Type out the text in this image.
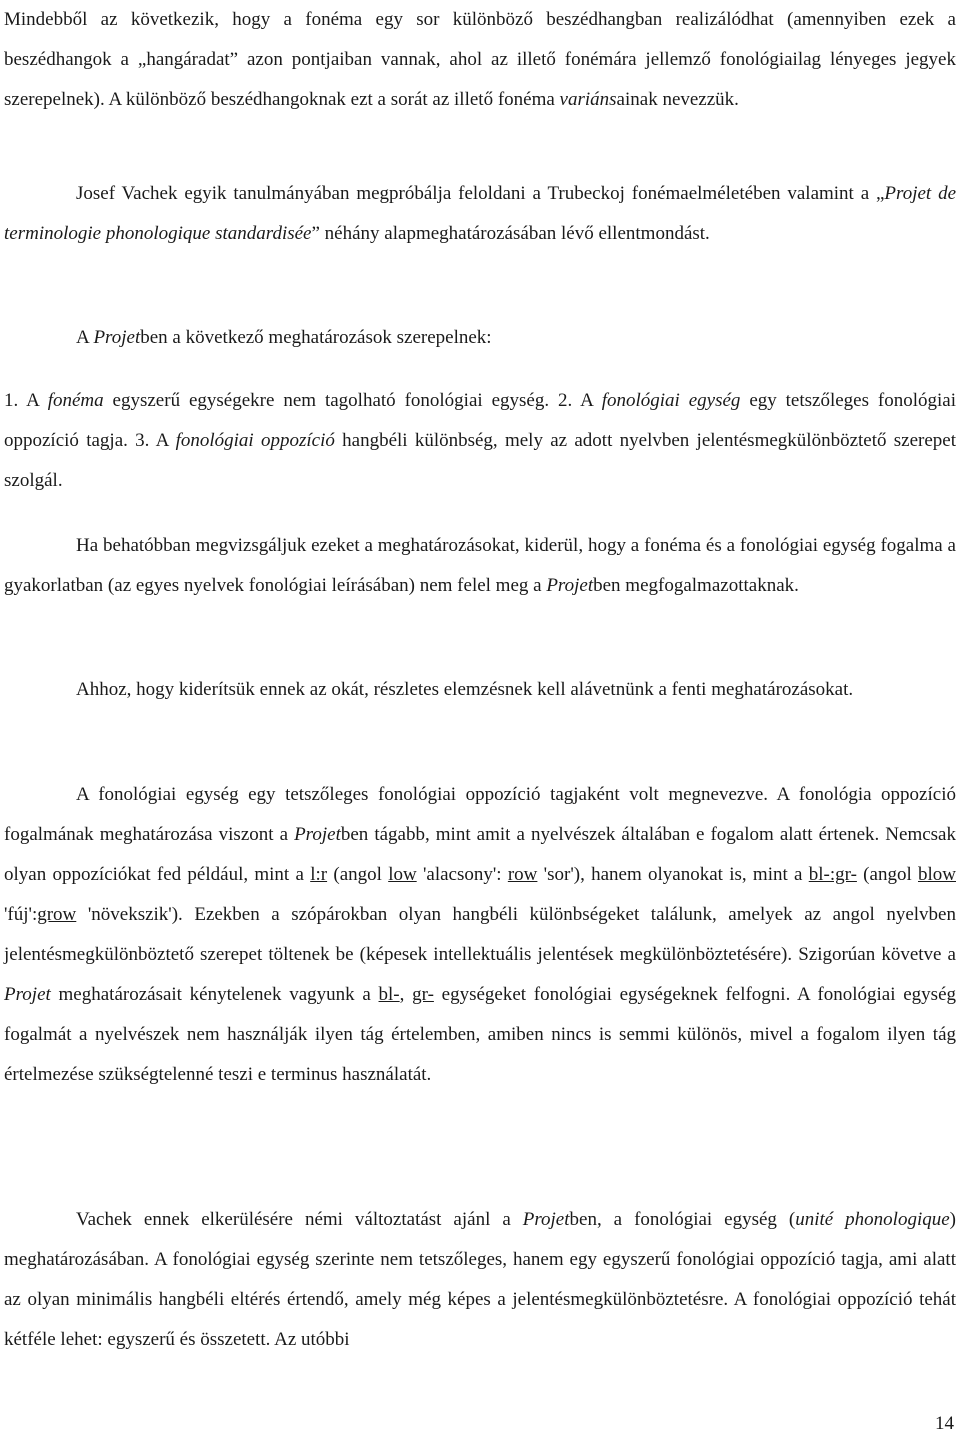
Mindebből az következik, hogy a fonéma egy sor különböző beszédhangban realizálódhat (amennyiben ezek a beszédhangok a „hangáradat” azon pontjaiban vannak, ahol az illető fonémára jellemző fonológiailag lényeges jegyek szerepelnek). A különböző beszédhangoknak ezt a sorát az illető fonéma variánsainak nevezzük.

Josef Vachek egyik tanulmányában megpróbálja feloldani a Trubeckoj fonémaelméletében valamint a „Projet de terminologie phonologique standardisée” néhány alapmeghatározásában lévő ellentmondást.

A Projetben a következő meghatározások szerepelnek:

1. A fonéma egyszerű egységekre nem tagolható fonológiai egység. 2. A fonológiai egység egy tetszőleges fonológiai oppozíció tagja. 3. A fonológiai oppozíció hangbéli különbség, mely az adott nyelvben jelentésmegkülönböztető szerepet szolgál.

Ha behatóbban megvizsgáljuk ezeket a meghatározásokat, kiderül, hogy a fonéma és a fonológiai egység fogalma a gyakorlatban (az egyes nyelvek fonológiai leírásában) nem felel meg a Projetben megfogalmazottaknak.

Ahhoz, hogy kiderítsük ennek az okát, részletes elemzésnek kell alávetnünk a fenti meghatározásokat.

A fonológiai egység egy tetszőleges fonológiai oppozíció tagjaként volt megnevezve. A fonológia oppozíció fogalmának meghatározása viszont a Projetben tágabb, mint amit a nyelvészek általában e fogalom alatt értenek. Nemcsak olyan oppozíciókat fed például, mint a l:r (angol low 'alacsony': row 'sor'), hanem olyanokat is, mint a bl-:gr- (angol blow 'fúj':grow 'növekszik'). Ezekben a szópárokban olyan hangbéli különbségeket találunk, amelyek az angol nyelvben jelentésmegkülönböztető szerepet töltenek be (képesek intellektuális jelentések megkülönböztetésére). Szigorúan követve a Projet meghatározásait kénytelenek vagyunk a bl-, gr- egységeket fonológiai egységeknek felfogni. A fonológiai egység fogalmát a nyelvészek nem használják ilyen tág értelemben, amiben nincs is semmi különös, mivel a fogalom ilyen tág értelmezése szükségtelenné teszi e terminus használatát.

Vachek ennek elkerülésére némi változtatást ajánl a Projetben, a fonológiai egység (unité phonologique) meghatározásában. A fonológiai egység szerinte nem tetszőleges, hanem egy egyszerű fonológiai oppozíció tagja, ami alatt az olyan minimális hangbéli eltérés értendő, amely még képes a jelentésmegkülönböztetésre. A fonológiai oppozíció tehát kétféle lehet: egyszerű és összetett. Az utóbbi

14
